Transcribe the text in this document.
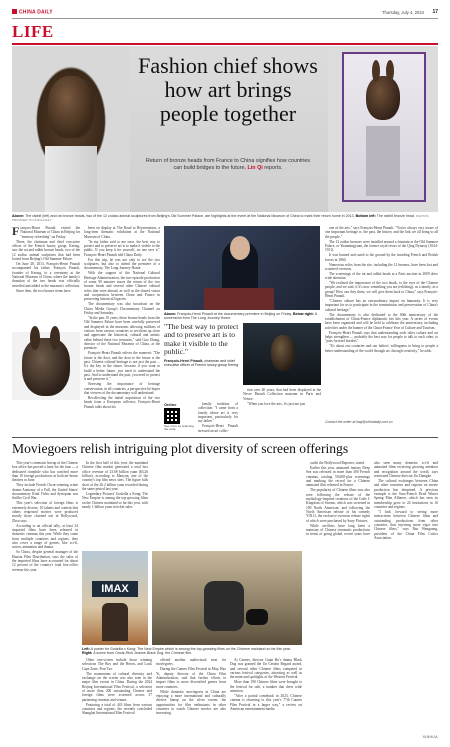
CHINA DAILY	Thursday, July 4, 2024 17
LIFE
Fashion chief shows how art brings people together
Return of bronze heads from France to China signifies how countries can build bridges to the future, Lin Qi reports.
Above: The rabbit (left) and rat bronze heads, two of the 12 zodiac animal sculptures from Beijing's Old Summer Palace, are highlights at the event at the National Museum of China to mark their return home in 2013. Bottom left: The rabbit bronze head. PHOTOS PROVIDED TO CHINA DAILY

François-Henri Pinault visited the National Museum of China in Beijing for "memory refreshing" on Friday.

There, the chairman and chief executive officer of the French luxury group, Kering, saw the rat and rabbit bronze heads, two of the 12 zodiac animal sculptures that had been looted from Beijing's Old Summer Palace.

On June 28, 2013, François-Henri Pinault accompanied his father, François Pinault, founder of Kering, to a ceremony at the National Museum of China, where the family's donation of the two heads was officially unveiled and added to the museum's collection.

Since then, the two bronze items have

been on display at The Road to Rejuvenation, a long-term thematic exhibition at the National Museum of China.

"In my father said to me once, the best way to protect and to preserve art is to make it visible to the public. If you keep it for yourself, no one sees it," François-Henri Pinault told China Daily.

For this trip, he was not only to see the two sculptures, but also to attend the premiere of a documentary, The Long Journey Home.

With the support of the National Cultural Heritage Administration, the two-episode production of some 90 minutes traces the return of the two bronze heads and several other Chinese cultural relics that were abroad, as well as the shared vision and cooperation between China and France in preserving historical legacies.

The documentary was also broadcast on the China Media Group's Documentary Channel on Friday and Saturday.

"In the past 10 years, these bronze heads from the Old Summer Palace have been carefully preserved and displayed in the museum, allowing millions of visitors from various countries to see them up close and appreciate the historical, cultural and artistic value behind these two treasures," said Guo Zhong, director of the National Museum of China, at the premiere.

François-Henri Pinault relives the moment: "The future is the door, and the door to the future is the past. Chinese cultural heritage is not just the past ... It's the key to the future, because if you want to build a better future, you need to understand the past. And to understand the past, you need to protect it and preserve it."

Stressing the importance of heritage conservation, in all countries, a perspective he hopes that viewers of the documentary will understand.

Recollecting the initial acquisition of the two heads from a European collector, François-Henri Pinault talks about his

Above: François-Henri Pinault at the documentary premiere in Beijing on Friday. Below right: A screenshot from The Long Journey Home.
"The best way to protect and to preserve art is to make it visible to the public."
François-Henri Pinault, chairman and chief executive officer of French luxury group Kering
Online
See more by scanning the code.

family tradition of collection. "I came from a family where art is very important, particularly for my father."

François-Henri Pinault stressed an art collec-

tion over 40 years, that had been displayed at the Nevre Pinault Collection museum in Paris and Venice.

"When you love the arts, it's just not just

one of the arts," says François-Henri Pinault. "You're always very aware of one important heritage is, the past, the history and the link we all bring to all the people."

The 12 zodiac bronzes were installed around a fountain at the Old Summer Palace, or Yuanmingyuan, the former royal resort of the Qing Dynasty (1644-1911).

It was burned and razed to the ground by the invading French and British forces in 1860.

Numerous relics from the site, including the 12 bronzes, have been lost and scattered overseas.

The screenings of the rat and rabbit heads at a Paris auction in 2009 drew wide attention.

"We realized the importance of the two heads, to the eyes of the Chinese people, and we said, if it's now something you are (relishing), as a family, as a group? How can they them, we will give them back to China," says François-Henri Pinault.

"Chinese culture has an extraordinary impact on humanity. It is very important for us to participate in the transmission and preservation of China's cultural heritage."

The documentary is also dedicated to the 60th anniversary of the establishment of China-France diplomatic ties this year. A series of events have been organized and will be held to celebrate the anniversary, including activities under the banner of the China-France Year of Culture and Tourism.

François-Henri Pinault says that understanding each other culture and art helps strengthen — probably the best way for people to talk to each other, to "pass forward borders".

"It's about our countries and our fathers' willingness to bring to people a better understanding of the world through art, through creativity," he adds.

Contact the writer at linqi@chinadaily.com.cn
Moviegoers relish intriguing plot diversity of screen offerings

This year's cinematic lineup of the Chinese box office has proved a feast for the fans — a dedicated cinephile who has watched more than 10 foreign productions at both art-house theaters in June.

They include French Oscar-winning crime drama Anatomy of a Fall, the United States' documentary Kind Video and dystopian war thriller Civil War.

This year's selection of foreign films is extremely diverse, 10 talents and content that others requested movies were produced mostly those churned out in Hollywood, Zhou says.

According to an official tally, at least 34 imported films have been released in domestic cinemas this year. While they come from multiple countries and regions, they also cover a range of genres, like sci-fi, action, animation and drama.

So China, despite general manager of the Huaxia Film Distribution, says the sales of the imported films have accounted for about 12 percent of the country's total box-office revenue this year.

In the first half of this year, the mainland Chinese film market generated a total box office revenue of 23.68 billion yuan ($3.26 billion), according to Maoyan, one of the country's top film news sites. The figure falls short of the 26.2 billion yuan recorded during the same period last year.

Legendary Pictures' Godzilla x Kong: The New Empire is among the top-grossing films on the Chinese mainland so far this year, with nearly 1 billion yuan in ticket sales.

IMAX
Left: A poster for Godzilla x Kong: The New Empire which is among the top-grossing films on the Chinese mainland so far this year. Right: A scene from Oscar-Rich Jeanne Black Dog, the Chinese film.

Other one-screen include those winning selections The Boy and the Heron, and Look Cape Zone, Fear Tax.

The momentum of cultural diversity and exchange on the screen was also seen in the major film events in China. During the 2024 Beijing International Film Festival, a selection of more than 200 outstanding Chinese and foreign films were screened across 37 partnering cinemas and venues.

Featuring a total of 443 films from various countries and regions, the recently concluded Shanghai International Film Festival

offered another audiovisual treat for moviegoers.

During the Cannes Film Festival in May, Hao Yi, deputy director of the China Film Administration, said that further efforts to import films to more diversified genres from more countries.

While domestic moviegoers in China are enjoying a more international and culturally diverse lineup on the silver screen, the opportunities for film enthusiasts in other countries to watch Chinese movies are also increasing.

At Cannes, director Guan Hu's drama Black Dog was granted the Un Certain Regard award, and several other Chinese films competed in various festival categories, attracting as well as the main and spotlights of the Western Festival.

More than 190 Chinese films were brought to the festival for sale, a number that drew wide attention.

"After a partial comeback in 2023, Chinese cinema is returning to this year's 77th Cannes Film Festival in a larger way," a review on American entertainment media

outlet the Hollywood Reporter, stated.

Earlier this year, animated fantasy Deep Sea was released in more than 300 French cinemas, totaling 50,000-plus screenings and marking the record for a Chinese animated film released in France.

The popularity of Chinese films was also seen following the release of the mythology-inspired creations of the Gods I: Kingdom of Storms, which was screened in 180 North American, and following the North American release of his comedy YOLO, the exclusive overseas release rights of which were purchased by Sony Pictures.

While art-films have long been a mainstay of Chinese cinematic productions in terms of going global, recent years have also seen many domestic sci-fi and animated films receiving growing attention and recognition around the world, says renowned Chinese director Jia Zhangke.

The cultural exchanges between China and other countries and regions on movie production has deepened. A previous example is the Sino-French Dead Winter Spring Film Alliance, which has seen its membership grow to 24 institutions in 16 countries and regions.

"I look forward to seeing more interactions between Chinese films and outstanding productions from other countries, thus injecting more vigor into Chinese films," says Bao Wenguang, president of the China Film Critics Association.

XINHUA
